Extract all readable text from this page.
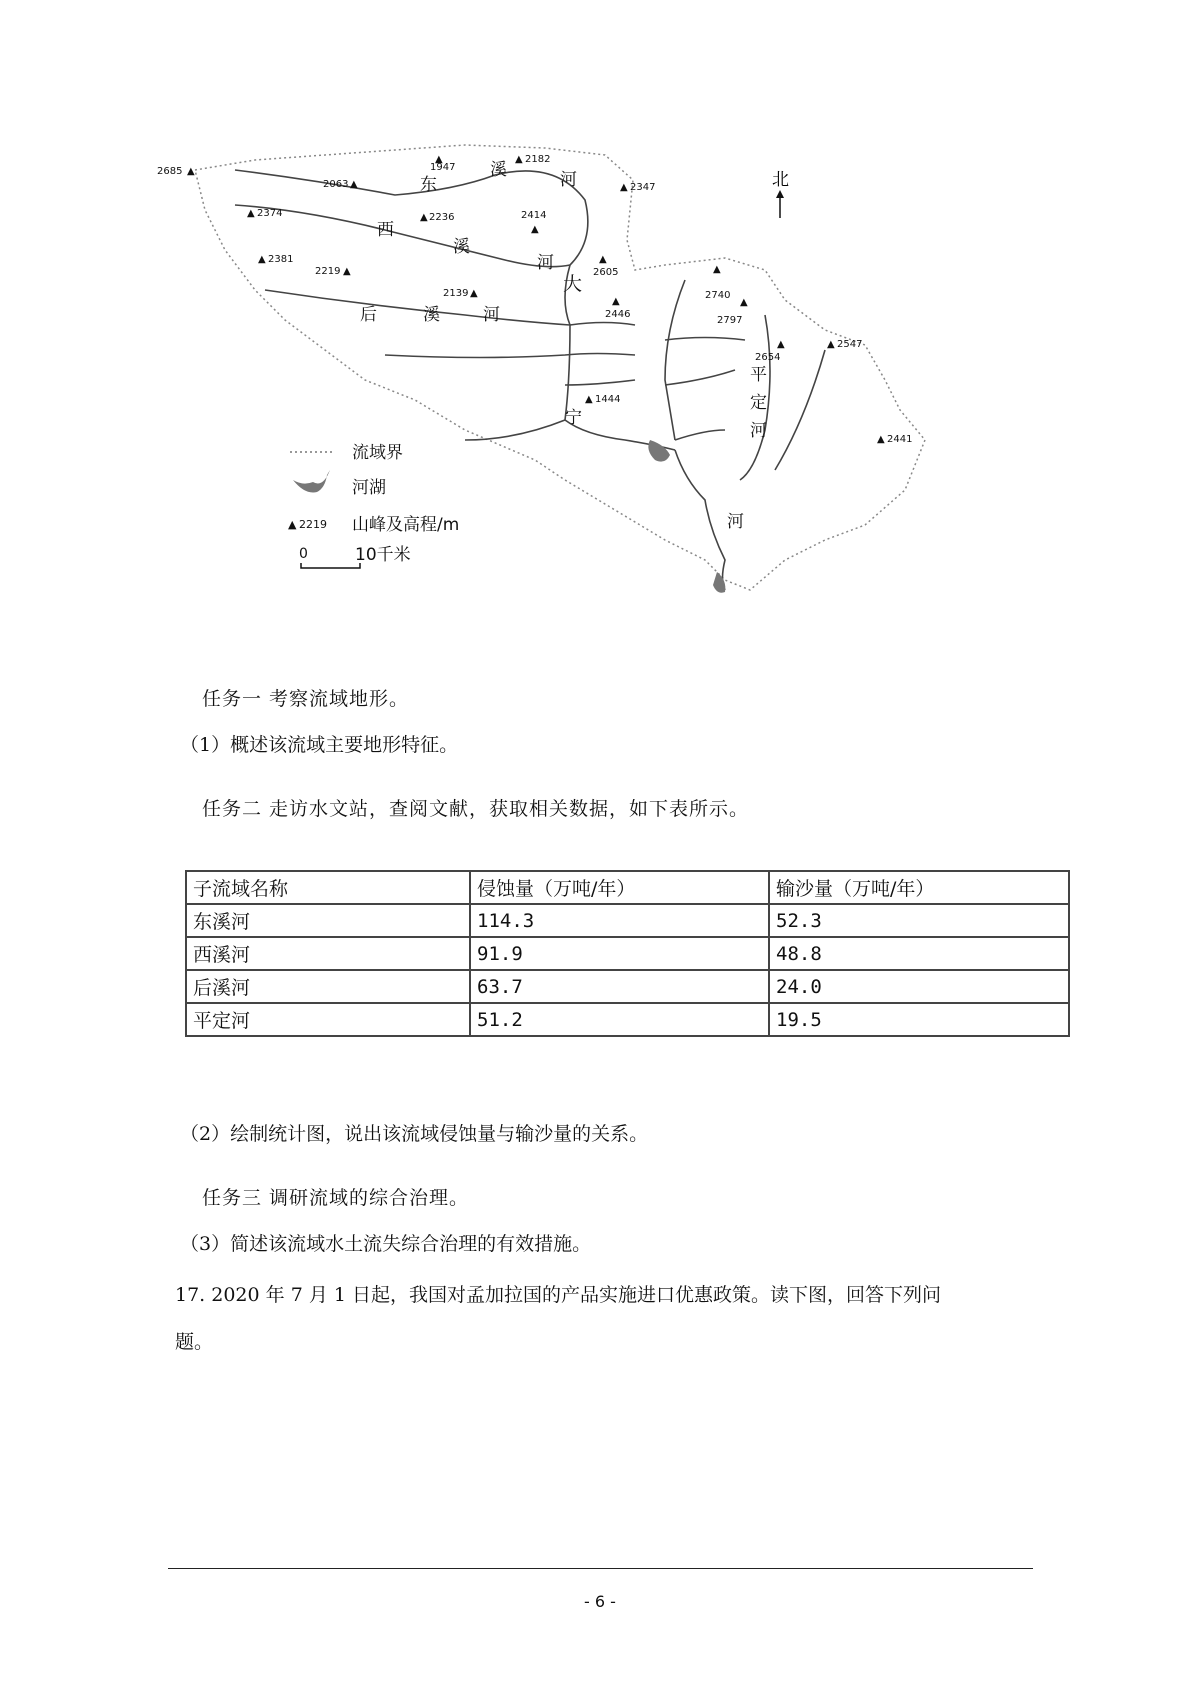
2685 ▲
▲
1947
▲ 2182
▲ 2347
2063 ▲
▲ 2374	▲ 2236	2414
▲
▲ 2381
2219 ▲
▲
2605
2139 ▲
▲
2446
▲
2740
▲
2797
2654
▲	▲ 2547
▲ 1444
▲ 2441
东
溪	河
西
溪
河
后	溪	河
大
宁
河
平
定
河
北
流域界
河湖
▲ 2219 山峰及高程/m
0	10千米
任务一 考察流域地形。
（1）概述该流域主要地形特征。
任务二 走访水文站，查阅文献，获取相关数据，如下表所示。
子流域名称	侵蚀量（万吨/年）	输沙量（万吨/年）
东溪河	114.3	52.3
西溪河	91.9	48.8
后溪河	63.7	24.0
平定河	51.2	19.5
（2）绘制统计图，说出该流域侵蚀量与输沙量的关系。
任务三 调研流域的综合治理。
（3）简述该流域水土流失综合治理的有效措施。
17. 2020 年 7 月 1 日起，我国对孟加拉国的产品实施进口优惠政策。读下图，回答下列问
题。
- 6 -
